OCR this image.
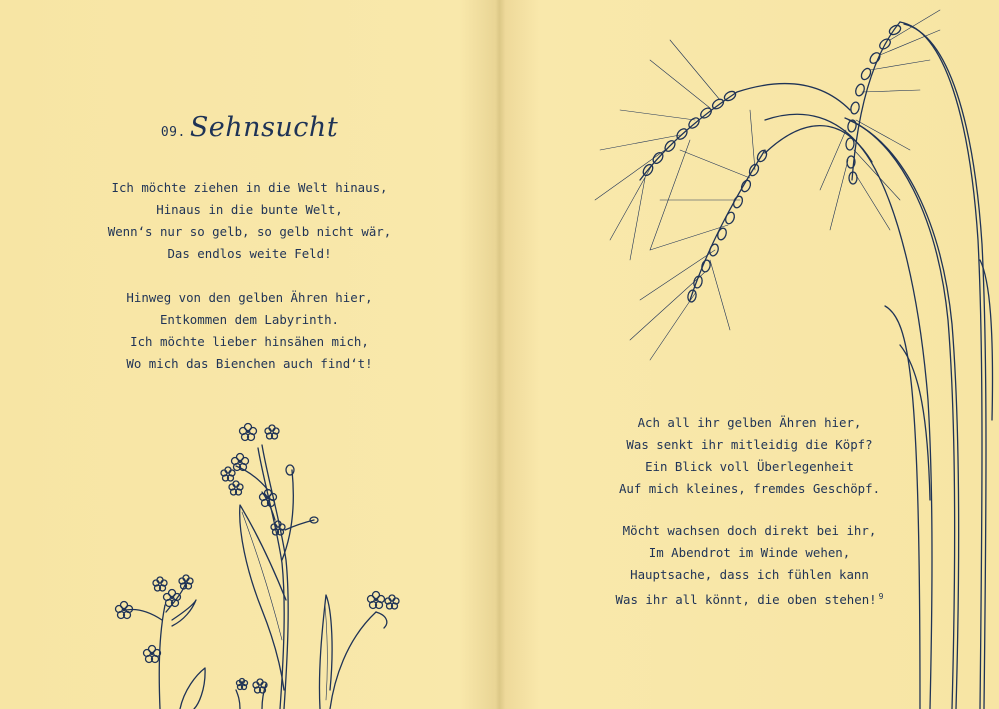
09. Sehnsucht
Ich möchte ziehen in die Welt hinaus,
Hinaus in die bunte Welt,
Wenn‘s nur so gelb, so gelb nicht wär,
Das endlos weite Feld!
Hinweg von den gelben Ähren hier,
Entkommen dem Labyrinth.
Ich möchte lieber hinsähen mich,
Wo mich das Bienchen auch find‘t!
Ach all ihr gelben Ähren hier,
Was senkt ihr mitleidig die Köpf?
Ein Blick voll Überlegenheit
Auf mich kleines, fremdes Geschöpf.
Möcht wachsen doch direkt bei ihr,
Im Abendrot im Winde wehen,
Hauptsache, dass ich fühlen kann
Was ihr all könnt, die oben stehen! $^9$
